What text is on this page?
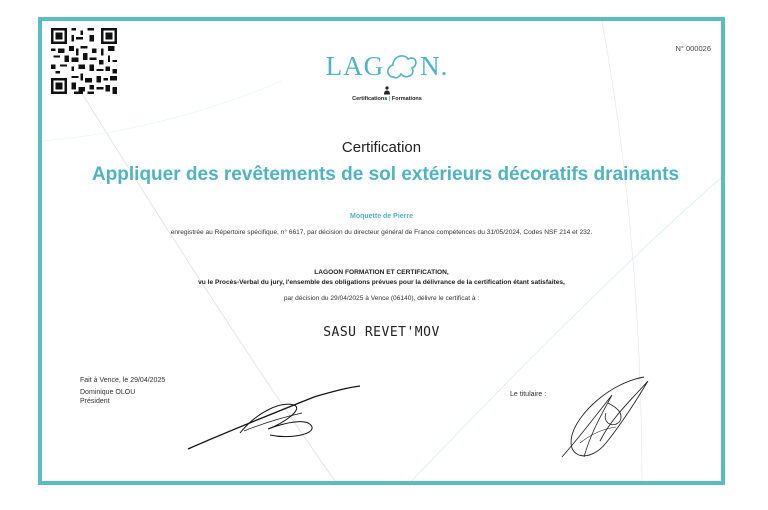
N° 000026
LAG N.
Certifications | Formations
Certification
Appliquer des revêtements de sol extérieurs décoratifs drainants
Moquette de Pierre
enregistrée au Répertoire spécifique, n° 6617, par décision du directeur général de France compétences du 31/05/2024, Codes NSF 214 et 232.
LAGOON FORMATION ET CERTIFICATION,
vu le Procès-Verbal du jury, l'ensemble des obligations prévues pour la délivrance de la certification étant satisfaites,
par décision du 29/04/2025 à Vence (06140), délivre le certificat à :
SASU REVET'MOV
Fait à Vence, le 29/04/2025
Dominique OLOU
Président
Le titulaire :
